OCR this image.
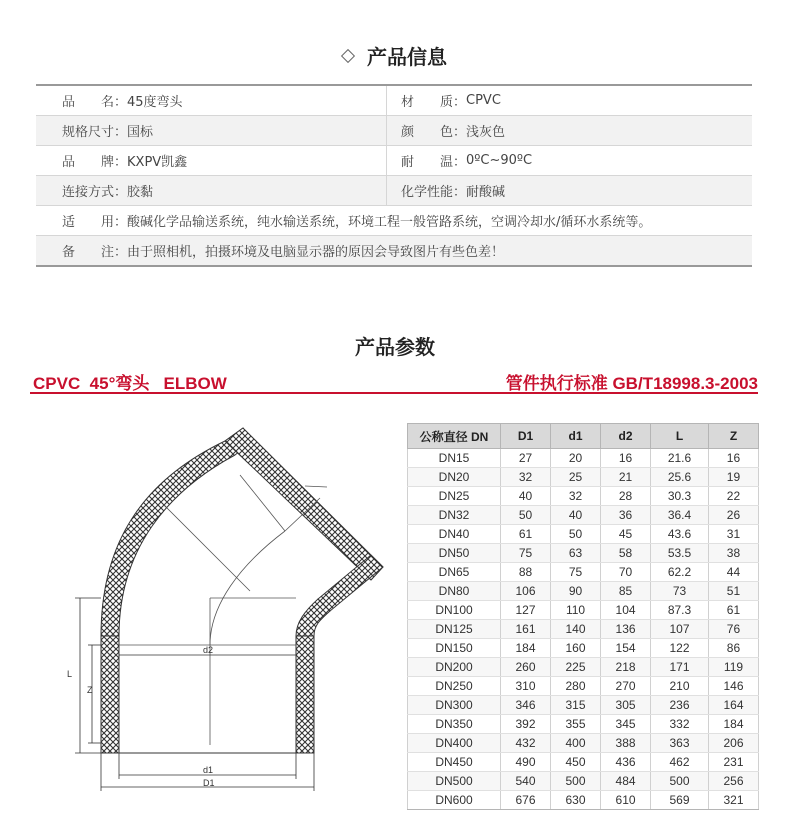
产品信息
品　　名： 45度弯头	材　　质： CPVC
规格尺寸： 国标	颜　　色： 浅灰色
品　　牌： KXPV凯鑫	耐　　温： 0ºC~90ºC
连接方式： 胶黏	化学性能： 耐酸碱
适　　用： 酸碱化学品输送系统，纯水输送系统，环境工程一般管路系统，空调冷却水/循环水系统等。
备　　注： 由于照相机，拍摄环境及电脑显示器的原因会导致图片有些色差！
产品参数
CPVC  45°弯头   ELBOW	管件执行标准 GB/T18998.3-2003
d2
d1
D1
L
Z
公称直径 DN	D1	d1	d2	L	Z
DN15	27	20	16	21.6	16
DN20	32	25	21	25.6	19
DN25	40	32	28	30.3	22
DN32	50	40	36	36.4	26
DN40	61	50	45	43.6	31
DN50	75	63	58	53.5	38
DN65	88	75	70	62.2	44
DN80	106	90	85	73	51
DN100	127	110	104	87.3	61
DN125	161	140	136	107	76
DN150	184	160	154	122	86
DN200	260	225	218	171	119
DN250	310	280	270	210	146
DN300	346	315	305	236	164
DN350	392	355	345	332	184
DN400	432	400	388	363	206
DN450	490	450	436	462	231
DN500	540	500	484	500	256
DN600	676	630	610	569	321
